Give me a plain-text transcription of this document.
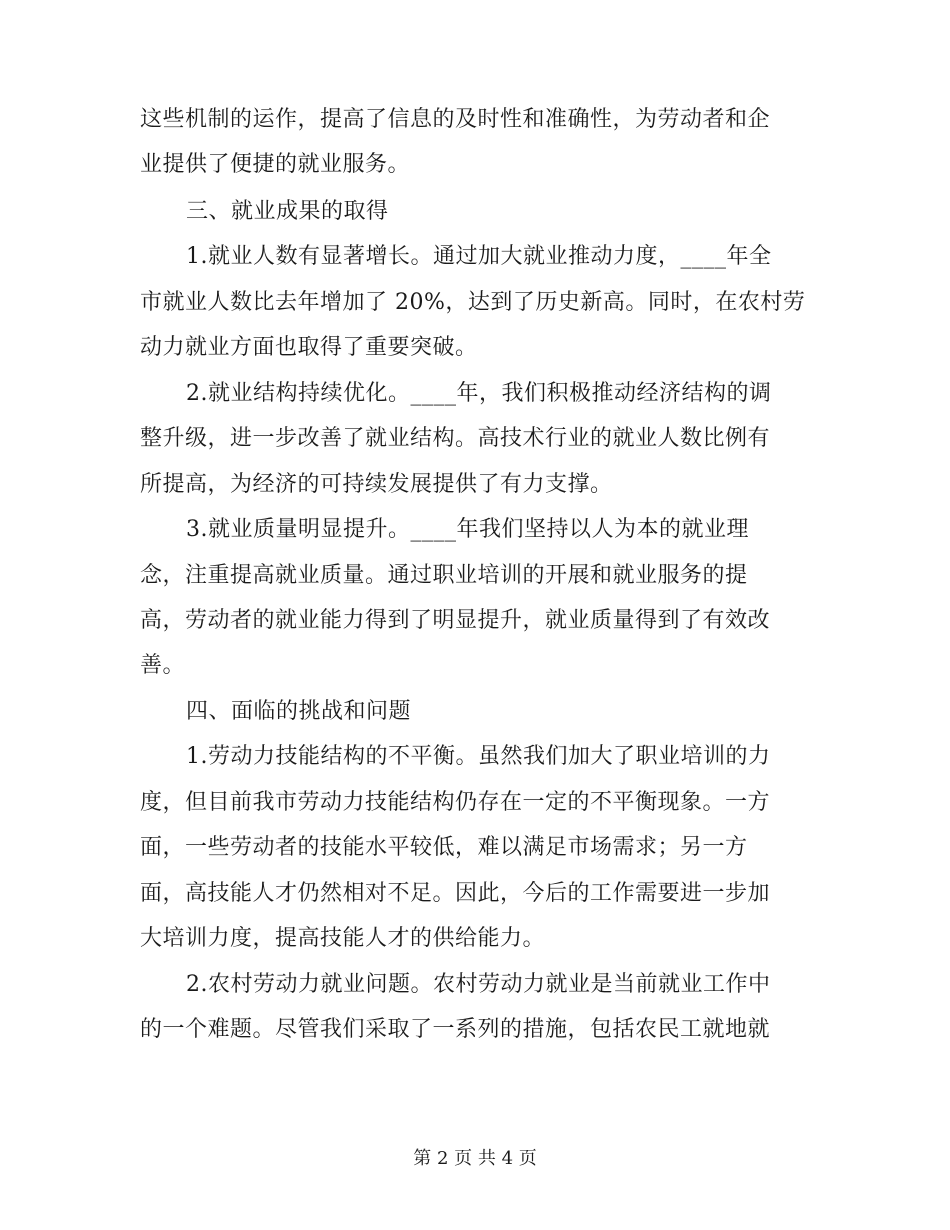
这些机制的运作，提高了信息的及时性和准确性，为劳动者和企
业提供了便捷的就业服务。
三、就业成果的取得
1.就业人数有显著增长。通过加大就业推动力度，____年全
市就业人数比去年增加了 20%，达到了历史新高。同时，在农村劳
动力就业方面也取得了重要突破。
2.就业结构持续优化。____年，我们积极推动经济结构的调
整升级，进一步改善了就业结构。高技术行业的就业人数比例有
所提高，为经济的可持续发展提供了有力支撑。
3.就业质量明显提升。____年我们坚持以人为本的就业理
念，注重提高就业质量。通过职业培训的开展和就业服务的提
高，劳动者的就业能力得到了明显提升，就业质量得到了有效改
善。
四、面临的挑战和问题
1.劳动力技能结构的不平衡。虽然我们加大了职业培训的力
度，但目前我市劳动力技能结构仍存在一定的不平衡现象。一方
面，一些劳动者的技能水平较低，难以满足市场需求；另一方
面，高技能人才仍然相对不足。因此，今后的工作需要进一步加
大培训力度，提高技能人才的供给能力。
2.农村劳动力就业问题。农村劳动力就业是当前就业工作中
的一个难题。尽管我们采取了一系列的措施，包括农民工就地就
第 2 页 共 4 页
